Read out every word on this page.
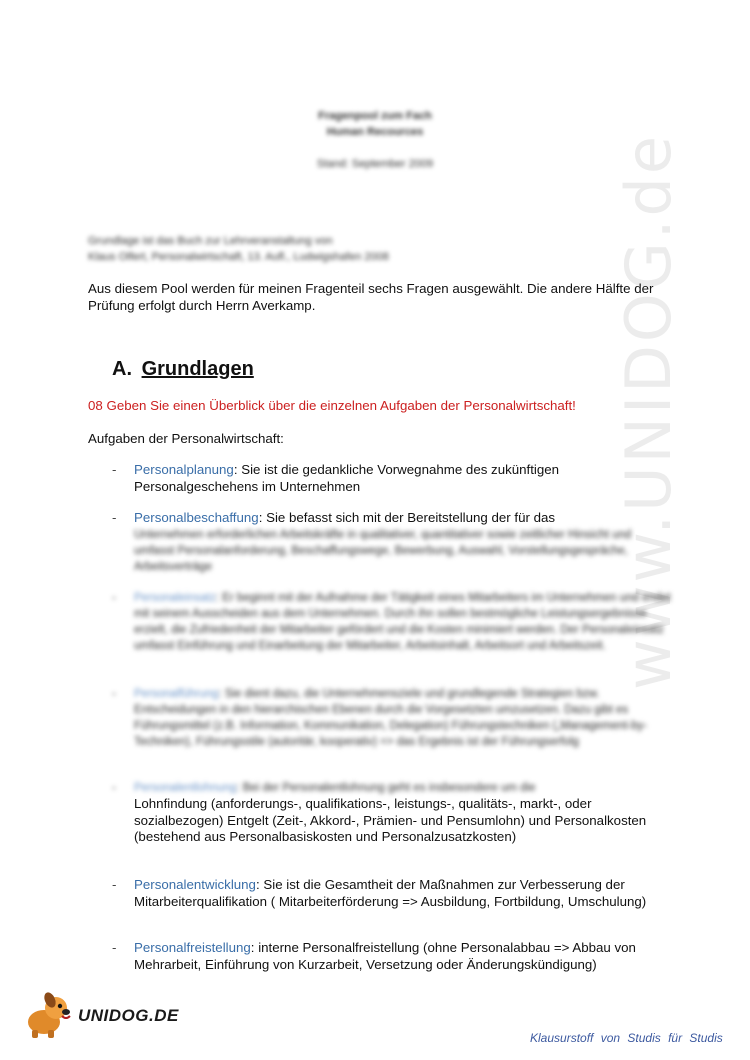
www.UNIDOG.de
Fragenpool zum Fach
Human Recources
Stand: September 2009
Grundlage ist das Buch zur Lehrveranstaltung von
Klaus Olfert, Personalwirtschaft, 13. Aufl., Ludwigshafen 2008
Aus diesem Pool werden für meinen Fragenteil sechs Fragen ausgewählt. Die andere Hälfte der Prüfung erfolgt durch Herrn Averkamp.
A. Grundlagen
08 Geben Sie einen Überblick über die einzelnen Aufgaben der Personalwirtschaft!
Aufgaben der Personalwirtschaft:
- Personalplanung: Sie ist die gedankliche Vorwegnahme des zukünftigen Personalgeschehens im Unternehmen
- Personalbeschaffung: Sie befasst sich mit der Bereitstellung der für das
Unternehmen erforderlichen Arbeitskräfte in qualitativer, quantitativer sowie zeitlicher Hinsicht und umfasst Personalanforderung, Beschaffungswege, Bewerbung, Auswahl, Vorstellungsgespräche, Arbeitsverträge
- Personaleinsatz: Er beginnt mit der Aufnahme der Tätigkeit eines Mitarbeiters im Unternehmen und endet mit seinem Ausscheiden aus dem Unternehmen. Durch ihn sollen bestmögliche Leistungsergebnisse erzielt, die Zufriedenheit der Mitarbeiter gefördert und die Kosten minimiert werden. Der Personaleinsatz umfasst Einführung und Einarbeitung der Mitarbeiter, Arbeitsinhalt, Arbeitsort und Arbeitszeit.
- Personalführung: Sie dient dazu, die Unternehmensziele und grundlegende Strategien bzw. Entscheidungen in den hierarchischen Ebenen durch die Vorgesetzten umzusetzen. Dazu gibt es Führungsmittel (z.B. Information, Kommunikation, Delegation) Führungstechniken („Management-by-Techniken), Führungsstile (autoritär, kooperativ) => das Ergebnis ist der Führungserfolg
- Personalentlohnung: Bei der Personalentlohnung geht es insbesondere um die
Lohnfindung (anforderungs-, qualifikations-, leistungs-, qualitäts-, markt-, oder sozialbezogen) Entgelt (Zeit-, Akkord-, Prämien- und Pensumlohn) und Personalkosten (bestehend aus Personalbasiskosten und Personalzusatzkosten)
- Personalentwicklung: Sie ist die Gesamtheit der Maßnahmen zur Verbesserung der Mitarbeiterqualifikation ( Mitarbeiterförderung => Ausbildung, Fortbildung, Umschulung)
- Personalfreistellung: interne Personalfreistellung (ohne Personalabbau => Abbau von Mehrarbeit, Einführung von Kurzarbeit, Versetzung oder Änderungskündigung)
UNIDOG.DE
Klausurstoff von Studis für Studis
